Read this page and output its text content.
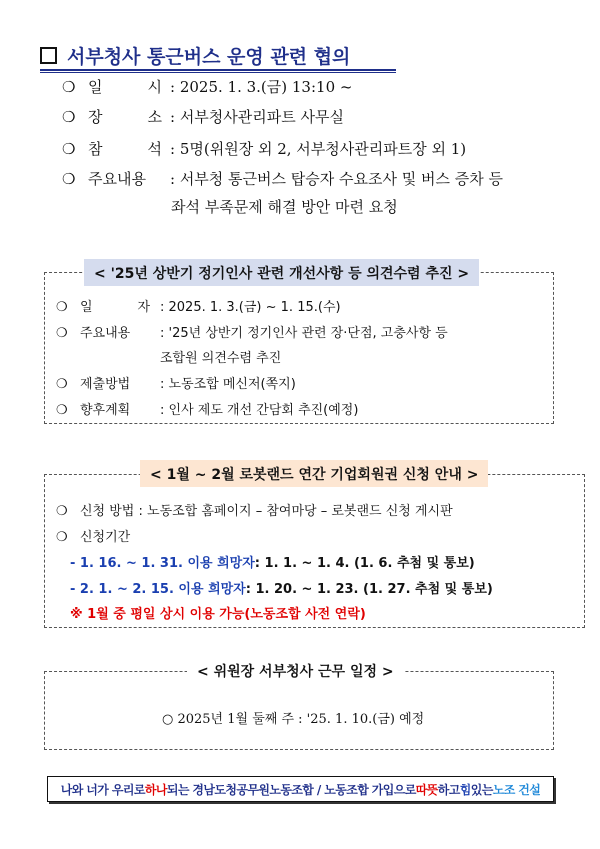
서부청사 통근버스 운영 관련 협의
❍ 일	시 : 2025. 1. 3.(금) 13:10 ~
❍ 장	소 : 서부청사관리파트 사무실
❍ 참	석 : 5명(위원장 외 2, 서부청사관리파트장 외 1)
❍ 주요내용	: 서부청 통근버스 탑승자 수요조사 및 버스 증차 등
좌석 부족문제 해결 방안 마련 요청
< '25년 상반기 정기인사 관련 개선사항 등 의견수렴 추진 >
❍ 일	자 : 2025. 1. 3.(금) ~ 1. 15.(수)
❍ 주요내용	: '25년 상반기 정기인사 관련 장·단점, 고충사항 등
조합원 의견수렴 추진
❍ 제출방법	: 노동조합 메신저(쪽지)
❍ 향후계획	: 인사 제도 개선 간담회 추진(예정)
< 1월 ~ 2월 로봇랜드 연간 기업회원권 신청 안내 >
❍ 신청 방법 : 노동조합 홈페이지 – 참여마당 – 로봇랜드 신청 게시판
❍ 신청기간
- 1. 16. ~ 1. 31. 이용 희망자 : 1. 1. ~ 1. 4. (1. 6. 추첨 및 통보)
- 2. 1. ~ 2. 15. 이용 희망자 : 1. 20. ~ 1. 23. (1. 27. 추첨 및 통보)
※ 1월 중 평일 상시 이용 가능(노동조합 사전 연락)
< 위원장 서부청사 근무 일정 >
○ 2025년 1월 둘째 주 : '25. 1. 10.(금) 예정
나와 너가 우리로 하나 되는 경남도청공무원노동조합 / 노동조합 가입으로 따뜻 하고 힘 있는 노조 건설
